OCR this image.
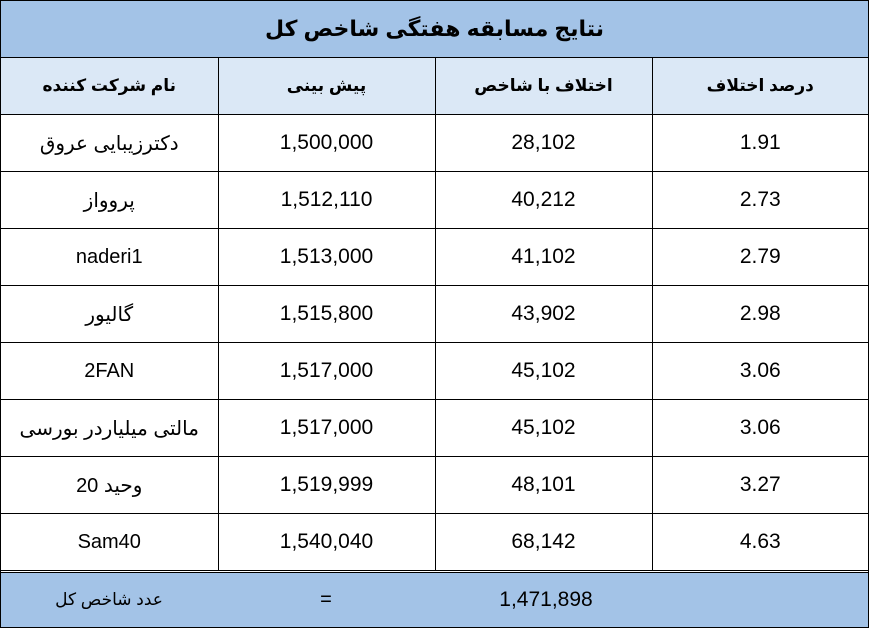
نتایج مسابقه هفتگی شاخص کل
نام شرکت کننده	پیش بینی	اختلاف با شاخص	درصد اختلاف
دکترزیبایی عروق	1,500,000	28,102	1.91
پروواز	1,512,110	40,212	2.73
naderi1	1,513,000	41,102	2.79
گالیور	1,515,800	43,902	2.98
2FAN	1,517,000	45,102	3.06
مالتی میلیاردر بورسی	1,517,000	45,102	3.06
وحید 20	1,519,999	48,101	3.27
Sam40	1,540,040	68,142	4.63
عدد شاخص کل	=	1,471,898
